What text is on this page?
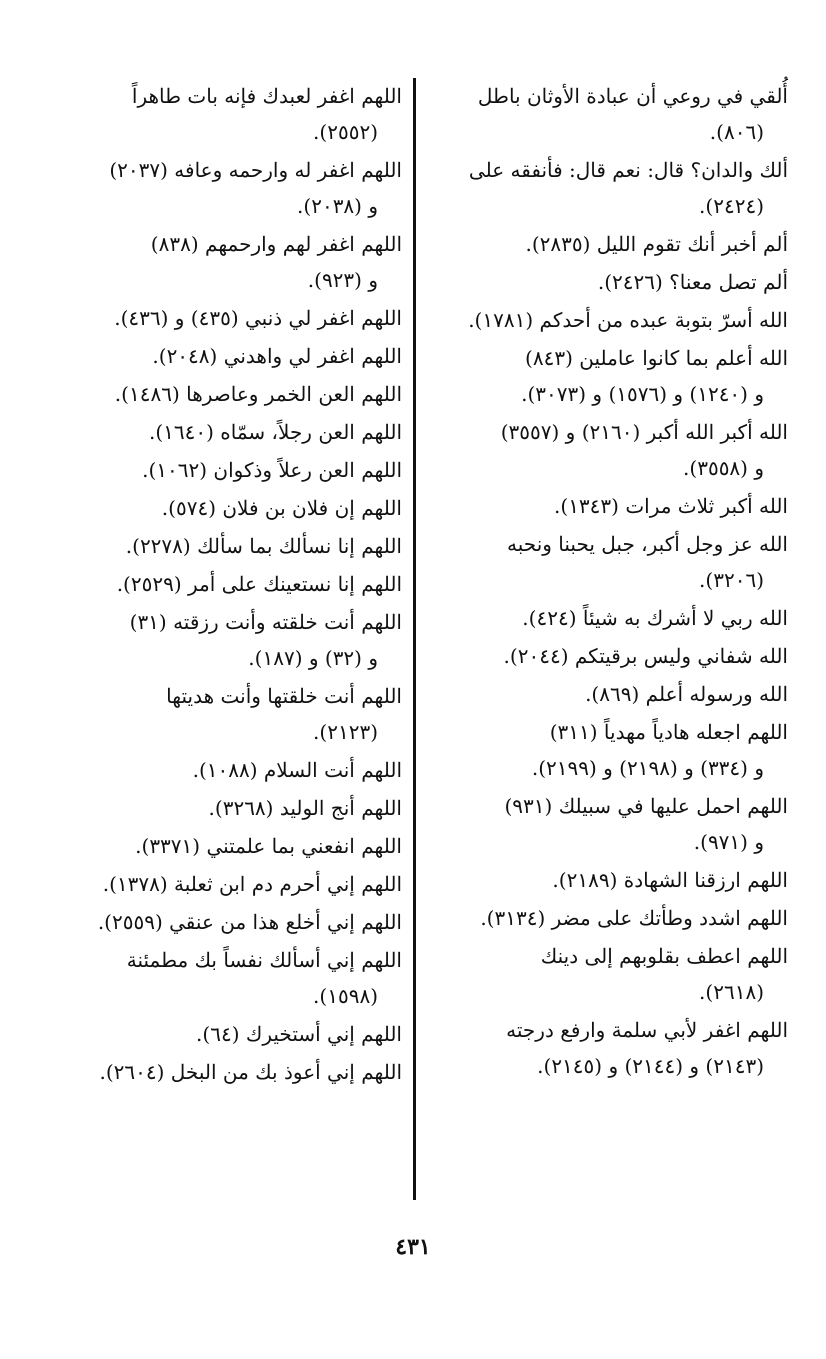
أُلقي في روعي أن عبادة الأوثان باطل
(٨٠٦).
ألك والدان؟ قال: نعم قال: فأنفقه على
(٢٤٢٤).
ألم أخبر أنك تقوم الليل (٢٨٣٥).
ألم تصل معنا؟ (٢٤٢٦).
الله أسرّ بتوبة عبده من أحدكم (١٧٨١).
الله أعلم بما كانوا عاملين (٨٤٣)
و (١٢٤٠) و (١٥٧٦) و (٣٠٧٣).
الله أكبر الله أكبر (٢١٦٠) و (٣٥٥٧)
و (٣٥٥٨).
الله أكبر ثلاث مرات (١٣٤٣).
الله عز وجل أكبر، جبل يحبنا ونحبه
(٣٢٠٦).
الله ربي لا أشرك به شيئاً (٤٢٤).
الله شفاني وليس برقيتكم (٢٠٤٤).
الله ورسوله أعلم (٨٦٩).
اللهم اجعله هادياً مهدياً (٣١١)
و (٣٣٤) و (٢١٩٨) و (٢١٩٩).
اللهم احمل عليها في سبيلك (٩٣١)
و (٩٧١).
اللهم ارزقنا الشهادة (٢١٨٩).
اللهم اشدد وطأتك على مضر (٣١٣٤).
اللهم اعطف بقلوبهم إلى دينك
(٢٦١٨).
اللهم اغفر لأبي سلمة وارفع درجته
(٢١٤٣) و (٢١٤٤) و (٢١٤٥).
اللهم اغفر لعبدك فإنه بات طاهراً
(٢٥٥٢).
اللهم اغفر له وارحمه وعافه (٢٠٣٧)
و (٢٠٣٨).
اللهم اغفر لهم وارحمهم (٨٣٨)
و (٩٢٣).
اللهم اغفر لي ذنبي (٤٣٥) و (٤٣٦).
اللهم اغفر لي واهدني (٢٠٤٨).
اللهم العن الخمر وعاصرها (١٤٨٦).
اللهم العن رجلاً، سمّاه (١٦٤٠).
اللهم العن رعلاً وذكوان (١٠٦٢).
اللهم إن فلان بن فلان (٥٧٤).
اللهم إنا نسألك بما سألك (٢٢٧٨).
اللهم إنا نستعينك على أمر (٢٥٢٩).
اللهم أنت خلقته وأنت رزقته (٣١)
و (٣٢) و (١٨٧).
اللهم أنت خلقتها وأنت هديتها
(٢١٢٣).
اللهم أنت السلام (١٠٨٨).
اللهم أنج الوليد (٣٢٦٨).
اللهم انفعني بما علمتني (٣٣٧١).
اللهم إني أحرم دم ابن ثعلبة (١٣٧٨).
اللهم إني أخلع هذا من عنقي (٢٥٥٩).
اللهم إني أسألك نفساً بك مطمئنة
(١٥٩٨).
اللهم إني أستخيرك (٦٤).
اللهم إني أعوذ بك من البخل (٢٦٠٤).
٤٣١
